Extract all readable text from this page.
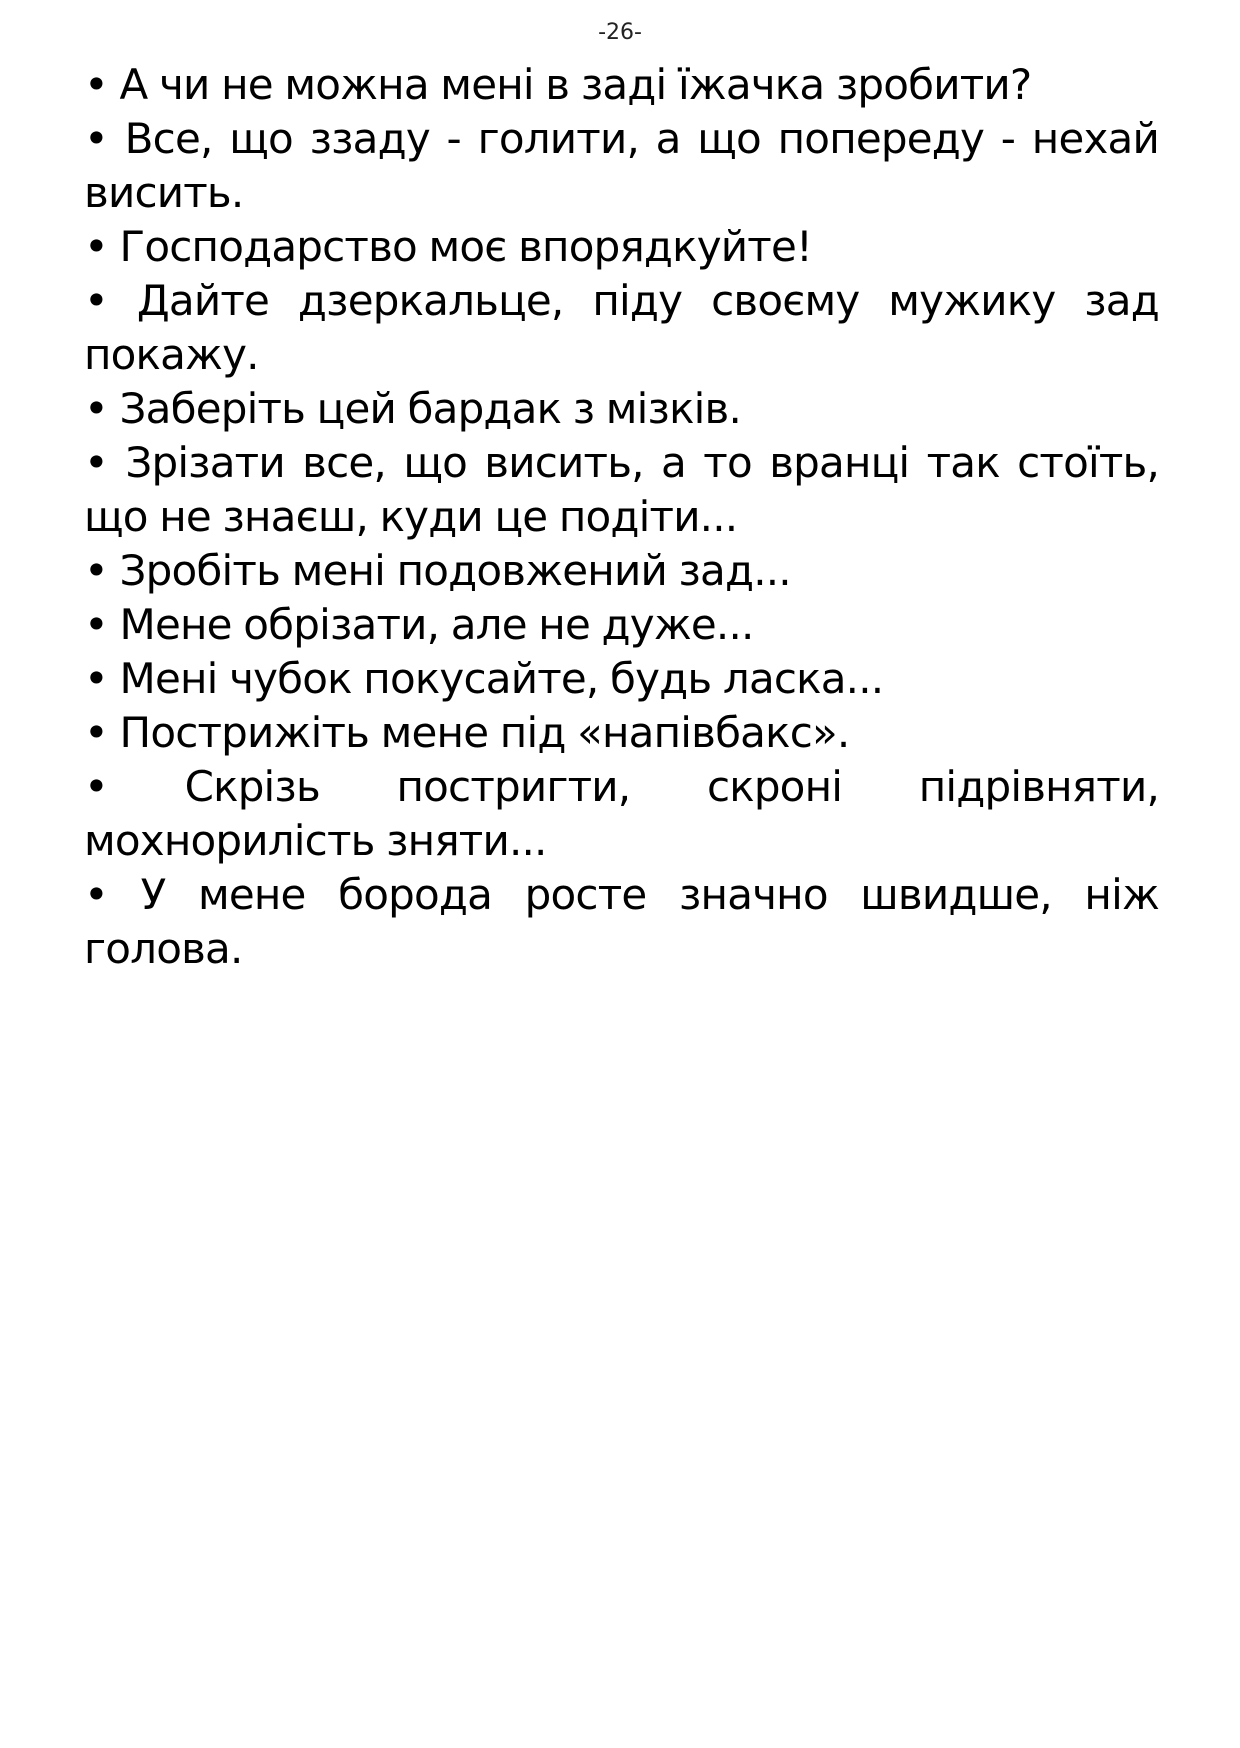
-26-

• А чи не можна мені в заді їжачка зробити?

• Все, що ззаду - голити, а що попереду - нехай висить.

• Господарство моє впорядкуйте!

• Дайте дзеркальце, піду своєму мужику зад покажу.

• Заберіть цей бардак з мізків.

• Зрізати все, що висить, а то вранці так стоїть, що не знаєш, куди це подіти...

• Зробіть мені подовжений зад...

• Мене обрізати, але не дуже...

• Мені чубок покусайте, будь ласка...

• Пострижіть мене під «напівбакс».

• Скрізь постригти, скроні підрівняти, мохнорилість зняти...

• У мене борода росте значно швидше, ніж голова.
